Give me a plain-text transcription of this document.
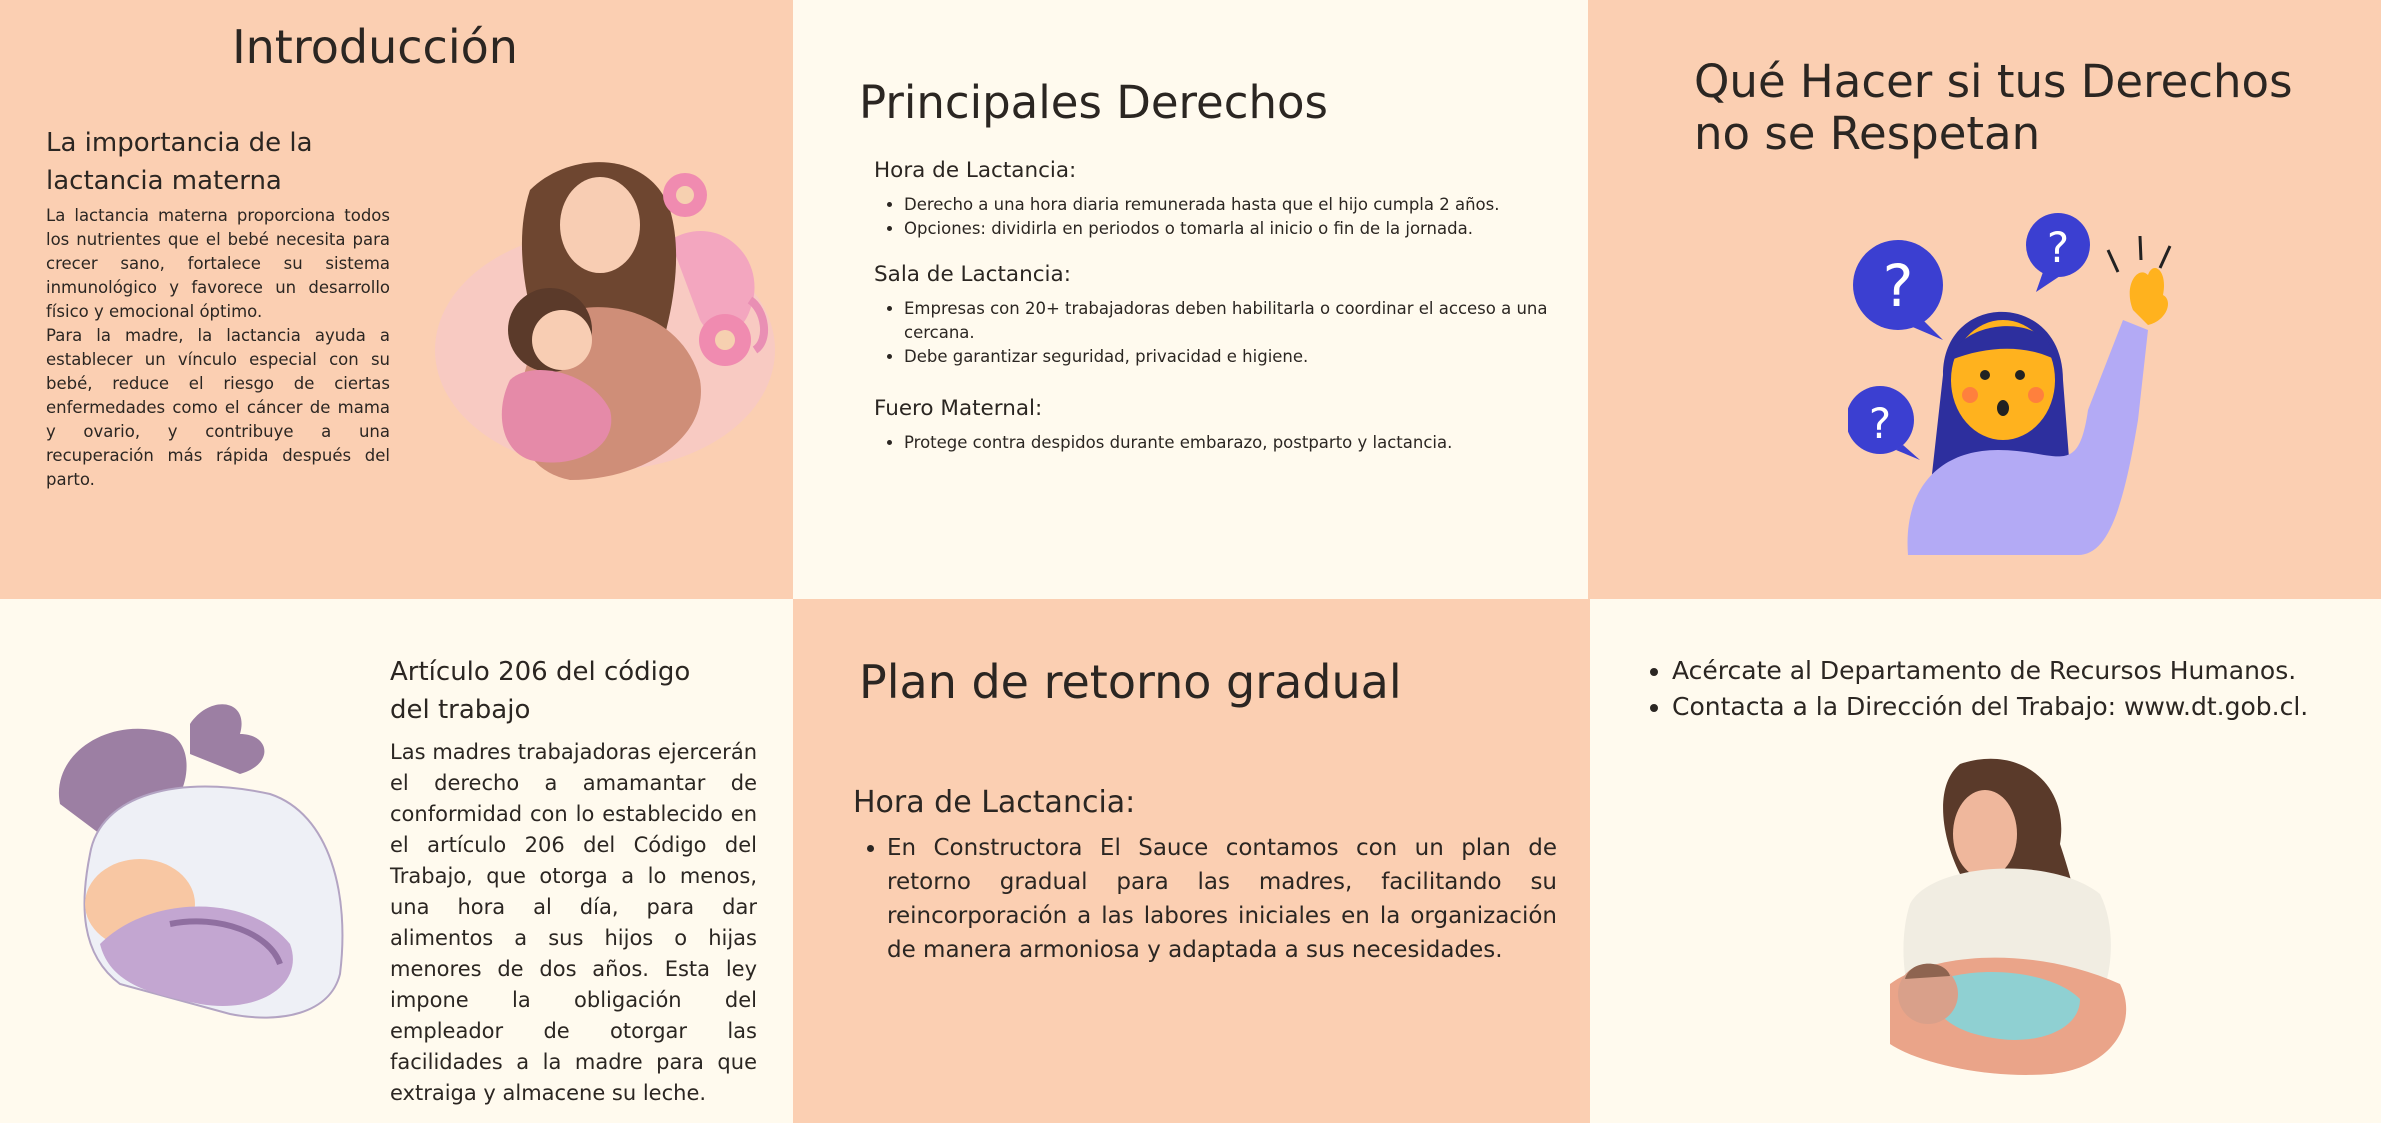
Introducción
La importancia de la lactancia materna
La lactancia materna proporciona todos los nutrientes que el bebé necesita para crecer sano, fortalece su sistema inmunológico y favorece un desarrollo físico y emocional óptimo.
Para la madre, la lactancia ayuda a establecer un vínculo especial con su bebé, reduce el riesgo de ciertas enfermedades como el cáncer de mama y ovario, y contribuye a una recuperación más rápida después del parto.
Principales Derechos
Hora de Lactancia:
• Derecho a una hora diaria remunerada hasta que el hijo cumpla 2 años.
• Opciones: dividirla en periodos o tomarla al inicio o fin de la jornada.
Sala de Lactancia:
• Empresas con 20+ trabajadoras deben habilitarla o coordinar el acceso a una cercana.
• Debe garantizar seguridad, privacidad e higiene.
Fuero Maternal:
• Protege contra despidos durante embarazo, postparto y lactancia.
Qué Hacer si tus Derechos no se Respetan
?
?
?
Artículo 206 del código del trabajo

Las madres trabajadoras ejercerán el derecho a amamantar de conformidad con lo establecido en el artículo 206 del Código del Trabajo, que otorga a lo menos, una hora al día, para dar alimentos a sus hijos o hijas menores de dos años. Esta ley impone la obligación del empleador de otorgar las facilidades a la madre para que extraiga y almacene su leche.

Plan de retorno gradual
Hora de Lactancia:
• En Constructora El Sauce contamos con un plan de retorno gradual para las madres, facilitando su reincorporación a las labores iniciales en la organización de manera armoniosa y adaptada a sus necesidades.
• Acércate al Departamento de Recursos Humanos.
• Contacta a la Dirección del Trabajo: www.dt.gob.cl.
